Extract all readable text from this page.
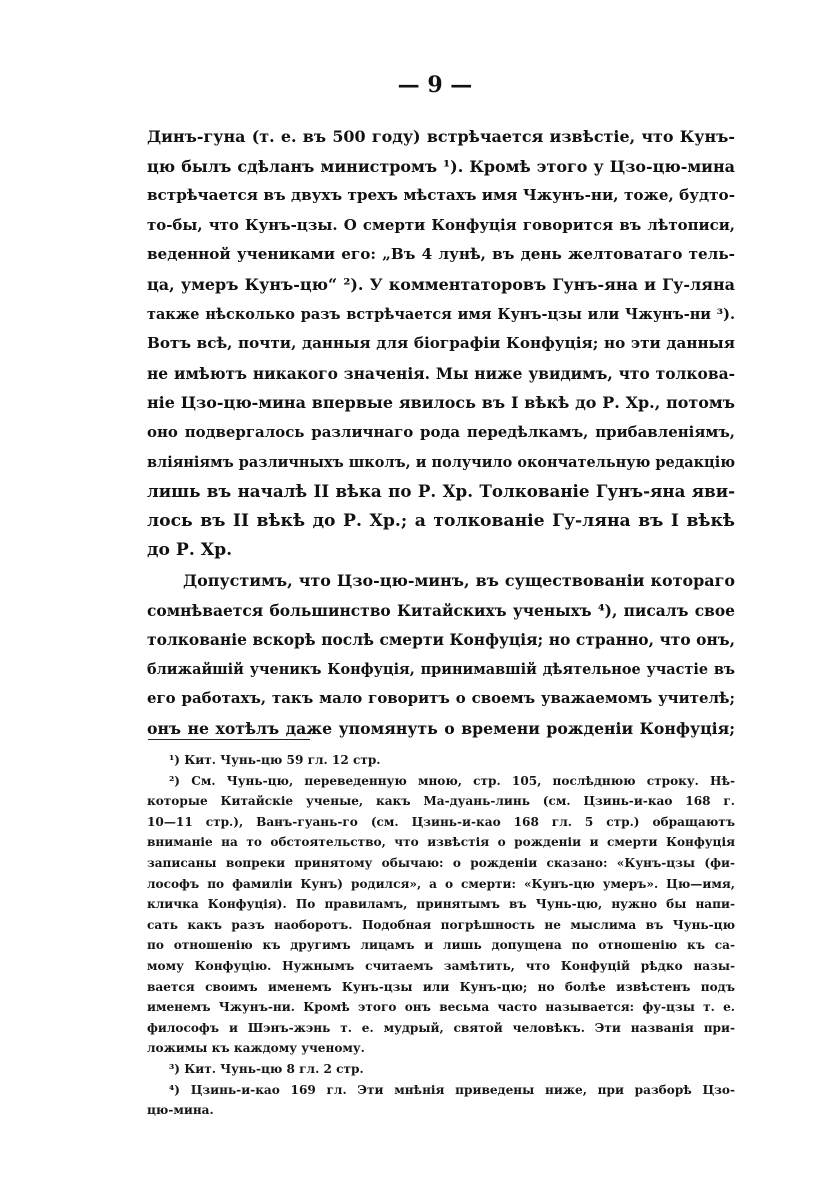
— 9 —
Динъ-гуна (т. е. въ 500 году) встрѣчается извѣстіе, что Кунъ-
цю былъ сдѣланъ министромъ ¹). Кромѣ этого у Цзо-цю-мина
встрѣчается въ двухъ трехъ мѣстахъ имя Чжунъ-ни, тоже, будто-
то-бы, что Кунъ-цзы. О смерти Конфуція говорится въ лѣтописи,
веденной учениками его: „Въ 4 лунѣ, въ день желтоватаго тель-
ца, умеръ Кунъ-цю“ ²). У комментаторовъ Гунъ-яна и Гу-ляна
также нѣсколько разъ встрѣчается имя Кунъ-цзы или Чжунъ-ни ³).
Вотъ всѣ, почти, данныя для біографіи Конфуція; но эти данныя
не имѣютъ никакого значенія. Мы ниже увидимъ, что толкова-
ніе Цзо-цю-мина впервые явилось въ I вѣкѣ до Р. Хр., потомъ
оно подвергалось различнаго рода передѣлкамъ, прибавленіямъ,
вліяніямъ различныхъ школъ, и получило окончательную редакцію
лишь въ началѣ II вѣка по Р. Хр. Толкованіе Гунъ-яна яви-
лось въ II вѣкѣ до Р. Хр.; а толкованіе Гу-ляна въ I вѣкѣ
до Р. Хр.
Допустимъ, что Цзо-цю-минъ, въ существованіи котораго
сомнѣвается большинство Китайскихъ ученыхъ ⁴), писалъ свое
толкованіе вскорѣ послѣ смерти Конфуція; но странно, что онъ,
ближайшій ученикъ Конфуція, принимавшій дѣятельное участіе въ
его работахъ, такъ мало говоритъ о своемъ уважаемомъ учителѣ;
онъ не хотѣлъ даже упомянуть о времени рожденіи Конфуція;
¹) Кит. Чунь-цю 59 гл. 12 стр.
²) См. Чунь-цю, переведенную мною, стр. 105, послѣднюю строку. Нѣ-
которые Китайскіе ученые, какъ Ма-дуань-линь (см. Цзинь-и-као 168 г.
10—11 стр.), Ванъ-гуань-го (см. Цзинь-и-као 168 гл. 5 стр.) обращаютъ
вниманіе на то обстоятельство, что извѣстія о рожденіи и смерти Конфуція
записаны вопреки принятому обычаю: о рожденіи сказано: «Кунъ-цзы (фи-
лософъ по фамиліи Кунъ) родился», а о смерти: «Кунъ-цю умеръ». Цю—имя,
кличка Конфуція). По правиламъ, принятымъ въ Чунь-цю, нужно бы напи-
сать какъ разъ наоборотъ. Подобная погрѣшность не мыслима въ Чунь-цю
по отношенію къ другимъ лицамъ и лишь допущена по отношенію къ са-
мому Конфуцію. Нужнымъ считаемъ замѣтить, что Конфуцій рѣдко назы-
вается своимъ именемъ Кунъ-цзы или Кунъ-цю; но болѣе извѣстенъ подъ
именемъ Чжунъ-ни. Кромѣ этого онъ весьма часто называется: фу-цзы т. е.
философъ и Шэнъ-жэнь т. е. мудрый, святой человѣкъ. Эти названія при-
ложимы къ каждому ученому.
³) Кит. Чунь-цю 8 гл. 2 стр.
⁴) Цзинь-и-као 169 гл. Эти мнѣнія приведены ниже, при разборѣ Цзо-
цю-мина.
